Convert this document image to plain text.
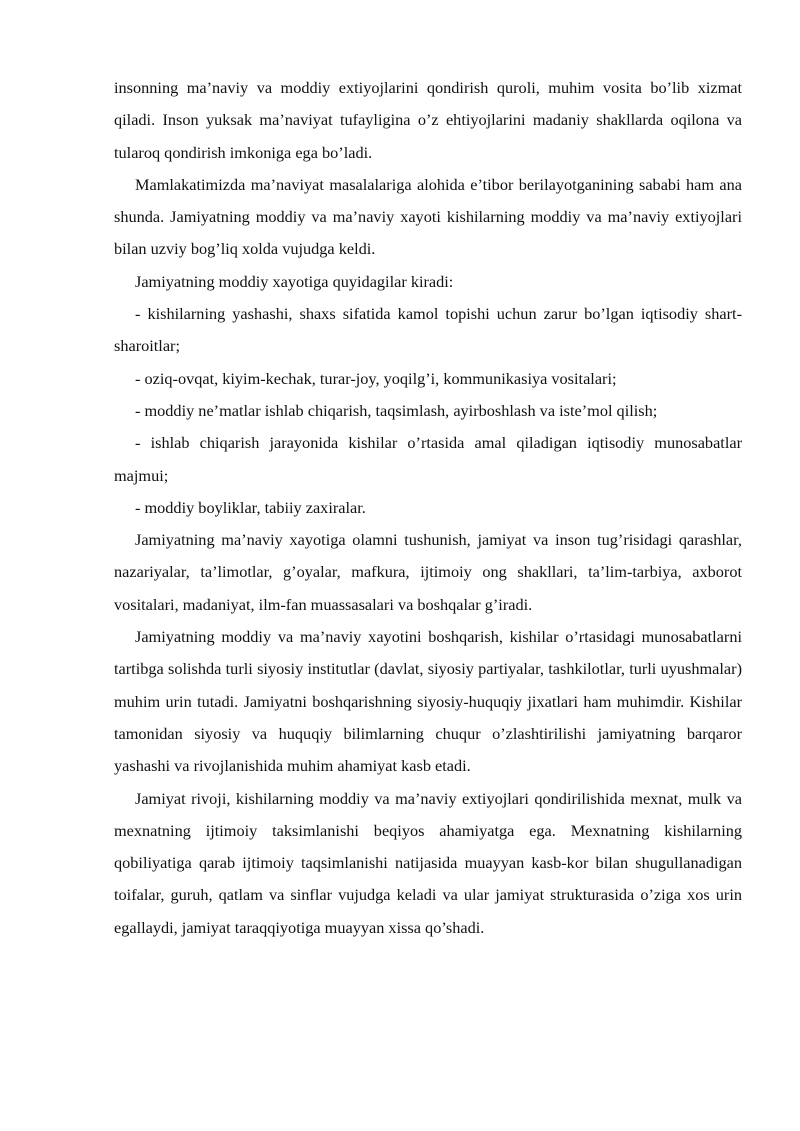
insonning ma’naviy va moddiy extiyojlarini qondirish quroli, muhim vosita bo’lib xizmat qiladi. Inson yuksak ma’naviyat tufayligina o’z ehtiyojlarini madaniy shakllarda oqilona va tularoq qondirish imkoniga ega bo’ladi.

Mamlakatimizda ma’naviyat masalalariga alohida e’tibor berilayotganining sababi ham ana shunda. Jamiyatning moddiy va ma’naviy xayoti kishilarning moddiy va ma’naviy extiyojlari bilan uzviy bog’liq xolda vujudga keldi.

Jamiyatning moddiy xayotiga quyidagilar kiradi:

- kishilarning yashashi, shaxs sifatida kamol topishi uchun zarur bo’lgan iqtisodiy shart-sharoitlar;

- oziq-ovqat, kiyim-kechak, turar-joy, yoqilg’i, kommunikasiya vositalari;

- moddiy ne’matlar ishlab chiqarish, taqsimlash, ayirboshlash va iste’mol qilish;

- ishlab chiqarish jarayonida kishilar o’rtasida amal qiladigan iqtisodiy munosabatlar majmui;

- moddiy boyliklar, tabiiy zaxiralar.

Jamiyatning ma’naviy xayotiga olamni tushunish, jamiyat va inson tug’risidagi qarashlar, nazariyalar, ta’limotlar, g’oyalar, mafkura, ijtimoiy ong shakllari, ta’lim-tarbiya, axborot vositalari, madaniyat, ilm-fan muassasalari va boshqalar g’iradi.

Jamiyatning moddiy va ma’naviy xayotini boshqarish, kishilar o’rtasidagi munosabatlarni tartibga solishda turli siyosiy institutlar (davlat, siyosiy partiyalar, tashkilotlar, turli uyushmalar) muhim urin tutadi. Jamiyatni boshqarishning siyosiy-huquqiy jixatlari ham muhimdir. Kishilar tamonidan siyosiy va huquqiy bilimlarning chuqur o’zlashtirilishi jamiyatning barqaror yashashi va rivojlanishida muhim ahamiyat kasb etadi.

Jamiyat rivoji, kishilarning moddiy va ma’naviy extiyojlari qondirilishida mexnat, mulk va mexnatning ijtimoiy taksimlanishi beqiyos ahamiyatga ega. Mexnatning kishilarning qobiliyatiga qarab ijtimoiy taqsimlanishi natijasida muayyan kasb-kor bilan shugullanadigan toifalar, guruh, qatlam va sinflar vujudga keladi va ular jamiyat strukturasida o’ziga xos urin egallaydi, jamiyat taraqqiyotiga muayyan xissa qo’shadi.
